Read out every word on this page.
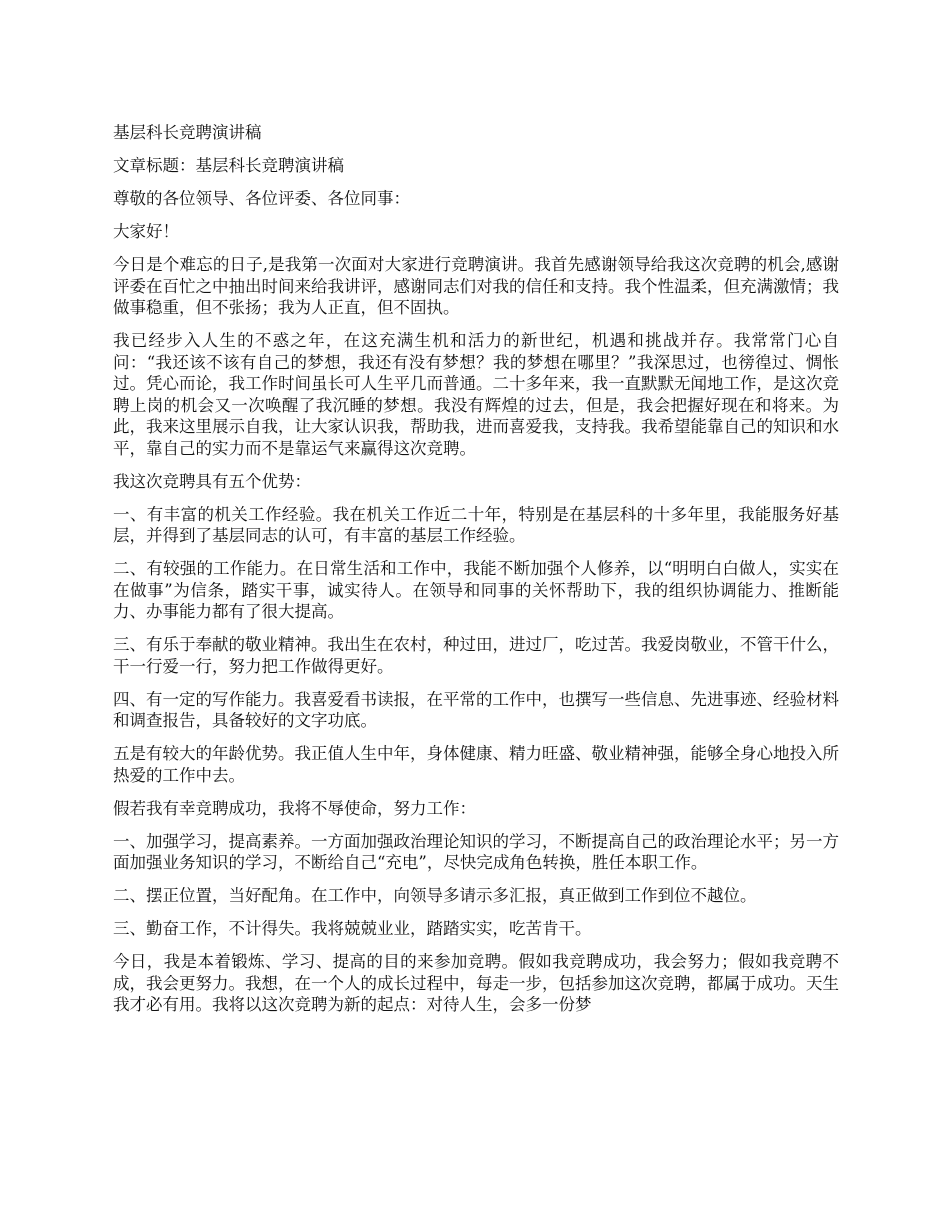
基层科长竞聘演讲稿

文章标题：基层科长竞聘演讲稿

尊敬的各位领导、各位评委、各位同事：

大家好！

今日是个难忘的日子,是我第一次面对大家进行竞聘演讲。我首先感谢领导给我这次竞聘的机会,感谢评委在百忙之中抽出时间来给我讲评，感谢同志们对我的信任和支持。我个性温柔，但充满激情；我做事稳重，但不张扬；我为人正直，但不固执。

我已经步入人生的不惑之年，在这充满生机和活力的新世纪，机遇和挑战并存。我常常门心自问：“我还该不该有自己的梦想，我还有没有梦想？我的梦想在哪里？”我深思过，也徬徨过、惆怅过。凭心而论，我工作时间虽长可人生平几而普通。二十多年来，我一直默默无闻地工作，是这次竞聘上岗的机会又一次唤醒了我沉睡的梦想。我没有辉煌的过去，但是，我会把握好现在和将来。为此，我来这里展示自我，让大家认识我，帮助我，进而喜爱我，支持我。我希望能靠自己的知识和水平，靠自己的实力而不是靠运气来赢得这次竞聘。

我这次竞聘具有五个优势：

一、有丰富的机关工作经验。我在机关工作近二十年，特别是在基层科的十多年里，我能服务好基层，并得到了基层同志的认可，有丰富的基层工作经验。

二、有较强的工作能力。在日常生活和工作中，我能不断加强个人修养，以“明明白白做人，实实在在做事”为信条，踏实干事，诚实待人。在领导和同事的关怀帮助下，我的组织协调能力、推断能力、办事能力都有了很大提高。

三、有乐于奉献的敬业精神。我出生在农村，种过田，进过厂，吃过苦。我爱岗敬业，不管干什么，干一行爱一行，努力把工作做得更好。

四、有一定的写作能力。我喜爱看书读报，在平常的工作中，也撰写一些信息、先进事迹、经验材料和调查报告，具备较好的文字功底。

五是有较大的年龄优势。我正值人生中年，身体健康、精力旺盛、敬业精神强，能够全身心地投入所热爱的工作中去。

假若我有幸竞聘成功，我将不辱使命，努力工作：

一、加强学习，提高素养。一方面加强政治理论知识的学习，不断提高自己的政治理论水平；另一方面加强业务知识的学习，不断给自己“充电”，尽快完成角色转换，胜任本职工作。

二、摆正位置，当好配角。在工作中，向领导多请示多汇报，真正做到工作到位不越位。

三、勤奋工作，不计得失。我将兢兢业业，踏踏实实，吃苦肯干。

今日，我是本着锻炼、学习、提高的目的来参加竞聘。假如我竞聘成功，我会努力；假如我竞聘不成，我会更努力。我想，在一个人的成长过程中，每走一步，包括参加这次竞聘，都属于成功。天生我才必有用。我将以这次竞聘为新的起点：对待人生，会多一份梦
